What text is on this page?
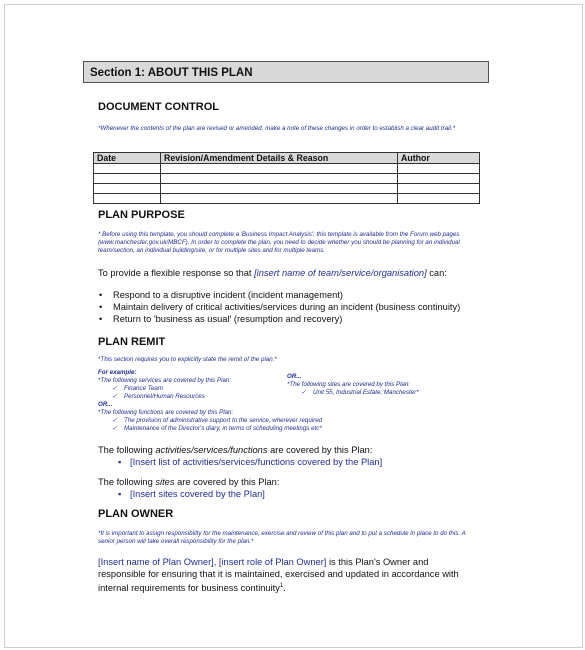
Section 1: ABOUT THIS PLAN
DOCUMENT CONTROL
*Whenever the contents of the plan are revised or amended, make a note of these changes in order to establish a clear audit trail.*
Date	Revision/Amendment Details & Reason	Author

PLAN PURPOSE
* Before using this template, you should complete a 'Business Impact Analysis'; this template is available from the Forum web pages (www.manchester.gov.uk/MBCF). In order to complete the plan, you need to decide whether you should be planning for an individual team/section, an individual building/site, or for multiple sites and for multiple teams.
To provide a flexible response so that [insert name of team/service/organisation] can:
• Respond to a disruptive incident (incident management)
• Maintain delivery of critical activities/services during an incident (business continuity)
• Return to 'business as usual' (resumption and recovery)
PLAN REMIT
*This section requires you to explicitly state the remit of the plan.*
For example:
*The following services are covered by this Plan:
✓ Finance Team
✓ Personnel/Human Resources
OR...
*The following functions are covered by this Plan:
✓ The provision of administrative support to the service, wherever required
✓ Maintenance of the Director's diary, in terms of scheduling meetings etc*
OR...
*The following sites are covered by this Plan:
✓ Unit 55, Industrial Estate, Manchester*
The following activities/services/functions are covered by this Plan:
▪ [Insert list of activities/services/functions covered by the Plan]
The following sites are covered by this Plan:
▪ [Insert sites covered by the Plan]
PLAN OWNER
*It is important to assign responsibility for the maintenance, exercise and review of this plan and to put a schedule in place to do this. A senior person will take overall responsibility for the plan.*
[Insert name of Plan Owner], [insert role of Plan Owner] is this Plan's Owner and
responsible for ensuring that it is maintained, exercised and updated in accordance with
internal requirements for business continuity$^1$.
